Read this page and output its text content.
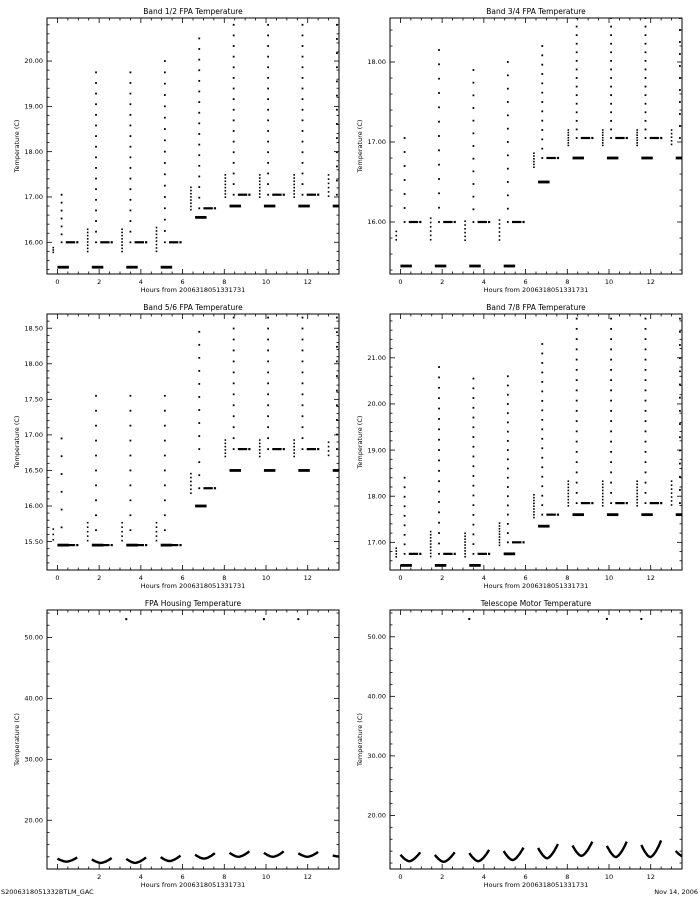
Band 1/2 FPA Temperature
Hours from 2006318051331731
Temperature (C)
0	2	4	6	8	10	12
16.00
17.00
18.00
19.00
20.00
Band 3/4 FPA Temperature
Hours from 2006318051331731
Temperature (C)
0	2	4	6	8	10	12
16.00
17.00
18.00
Band 5/6 FPA Temperature
Hours from 2006318051331731
Temperature (C)
0	2	4	6	8	10	12
15.50
16.00
16.50
17.00
17.50
18.00
18.50
Band 7/8 FPA Temperature
Hours from 2006318051331731
Temperature (C)
0	2	4	6	8	10	12
17.00
18.00
19.00
20.00
21.00
FPA Housing Temperature
Hours from 2006318051331731
Temperature (C)
2	4	6	8	10	12
20.00
30.00
40.00
50.00
Telescope Motor Temperature
Hours from 2006318051331731
Temperature (C)
0	2	4	6	8	10	12
20.00
30.00
40.00
50.00
S2006318051332BTLM_GAC	Nov 14, 2006
